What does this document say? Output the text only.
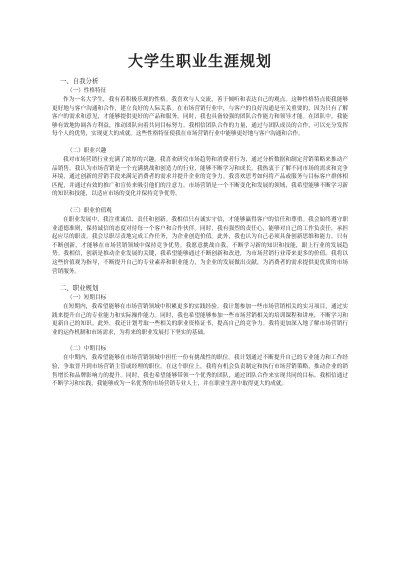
大学生职业生涯规划
一、自我分析
（一）性格特征

作为一名大学生，我有着积极乐观的性格。我喜欢与人交流，善于倾听和表达自己的观点。这种性格特点使我能够更好地与客户沟通和合作，建立良好的人际关系。在市场营销行业中，与客户的良好沟通是至关重要的，因为只有了解客户的需求和意见，才能够提供更好的产品和服务。同时，我也具备较强的团队合作能力和领导才能。在团队中，我能够有效地协调各方利益，推动团队向着共同目标努力。我相信团队合作的力量，通过与团队成员的合作，可以充分发挥每个人的优势，实现更大的成就。这些性格特征使我在市场营销行业中能够更好地与客户沟通和合作。

（二）职业兴趣

我对市场营销行业充满了浓厚的兴趣。我喜欢研究市场趋势和消费者行为，通过分析数据和制定营销策略来推动产品销售。我认为市场营销是一个充满挑战和创造力的行业，能够不断学习和成长。我热衷于了解不同市场的需求和竞争环境，通过创新的营销手段来满足消费者的需求并提升企业的竞争力。我喜欢思考如何将产品或服务与目标客户群体相匹配，并通过有效的推广和宣传来吸引他们的注意力。市场营销是一个不断变化和发展的领域，我希望能够不断学习新的知识和技能，以适应市场的变化并保持竞争优势。

（三）职业价值观

在职业发展中，我注重诚信、责任和创新。我相信只有诚实守信，才能够赢得客户的信任和尊重。我会始终遵守职业道德准则，保持诚信的态度对待每一个客户和合作伙伴。同时，我有强烈的责任心，能够对自己的工作负责任，承担起应尽的职责。我会尽职尽责地完成工作任务，为企业创造价值。此外，我也认为自己必须具备创新思维和能力，只有不断创新，才能够在市场营销领域中保持竞争优势。我愿意挑战自我，不断学习新的知识和技能，跟上行业的发展趋势。我相信，创新是推动企业发展的关键，我希望能够通过不断创新和改进，为市场营销行业带来更多的价值。我将以这些价值观为指导，不断提升自己的专业素养和职业能力，为企业的发展做出贡献，为消费者的需求提供更优质的市场营销服务。

二、职业规划
（一）短期目标

在短期内，我希望能够在市场营销领域中积累更多的实践经验。我计划参加一些市场营销相关的实习项目，通过实践来提升自己的专业能力和实际操作能力。同时，我也希望能够参加一些市场营销相关的培训课程和讲座，不断学习和更新自己的知识。此外，我还计划考取一些相关的职业资格证书，提高自己的竞争力。我将更加深入地了解市场营销行业的运作机制和市场需求，为将来的职业发展打下坚实的基础。

（二）中期目标

在中期内，我希望能够在市场营销领域中担任一份有挑战性的职位。我计划通过不断提升自己的专业能力和工作经验，争取晋升到市场营销主管或经理的职位。在这个职位上，我将有机会负责制定和执行市场营销策略，推动企业的销售增长和品牌影响力的提升。同时，我也希望能够带领一个优秀的团队，通过团队合作来实现共同的目标。我相信通过不断学习和实践，我能够成为一名优秀的市场营销专业人士，并在职业生涯中取得更大的成就。
